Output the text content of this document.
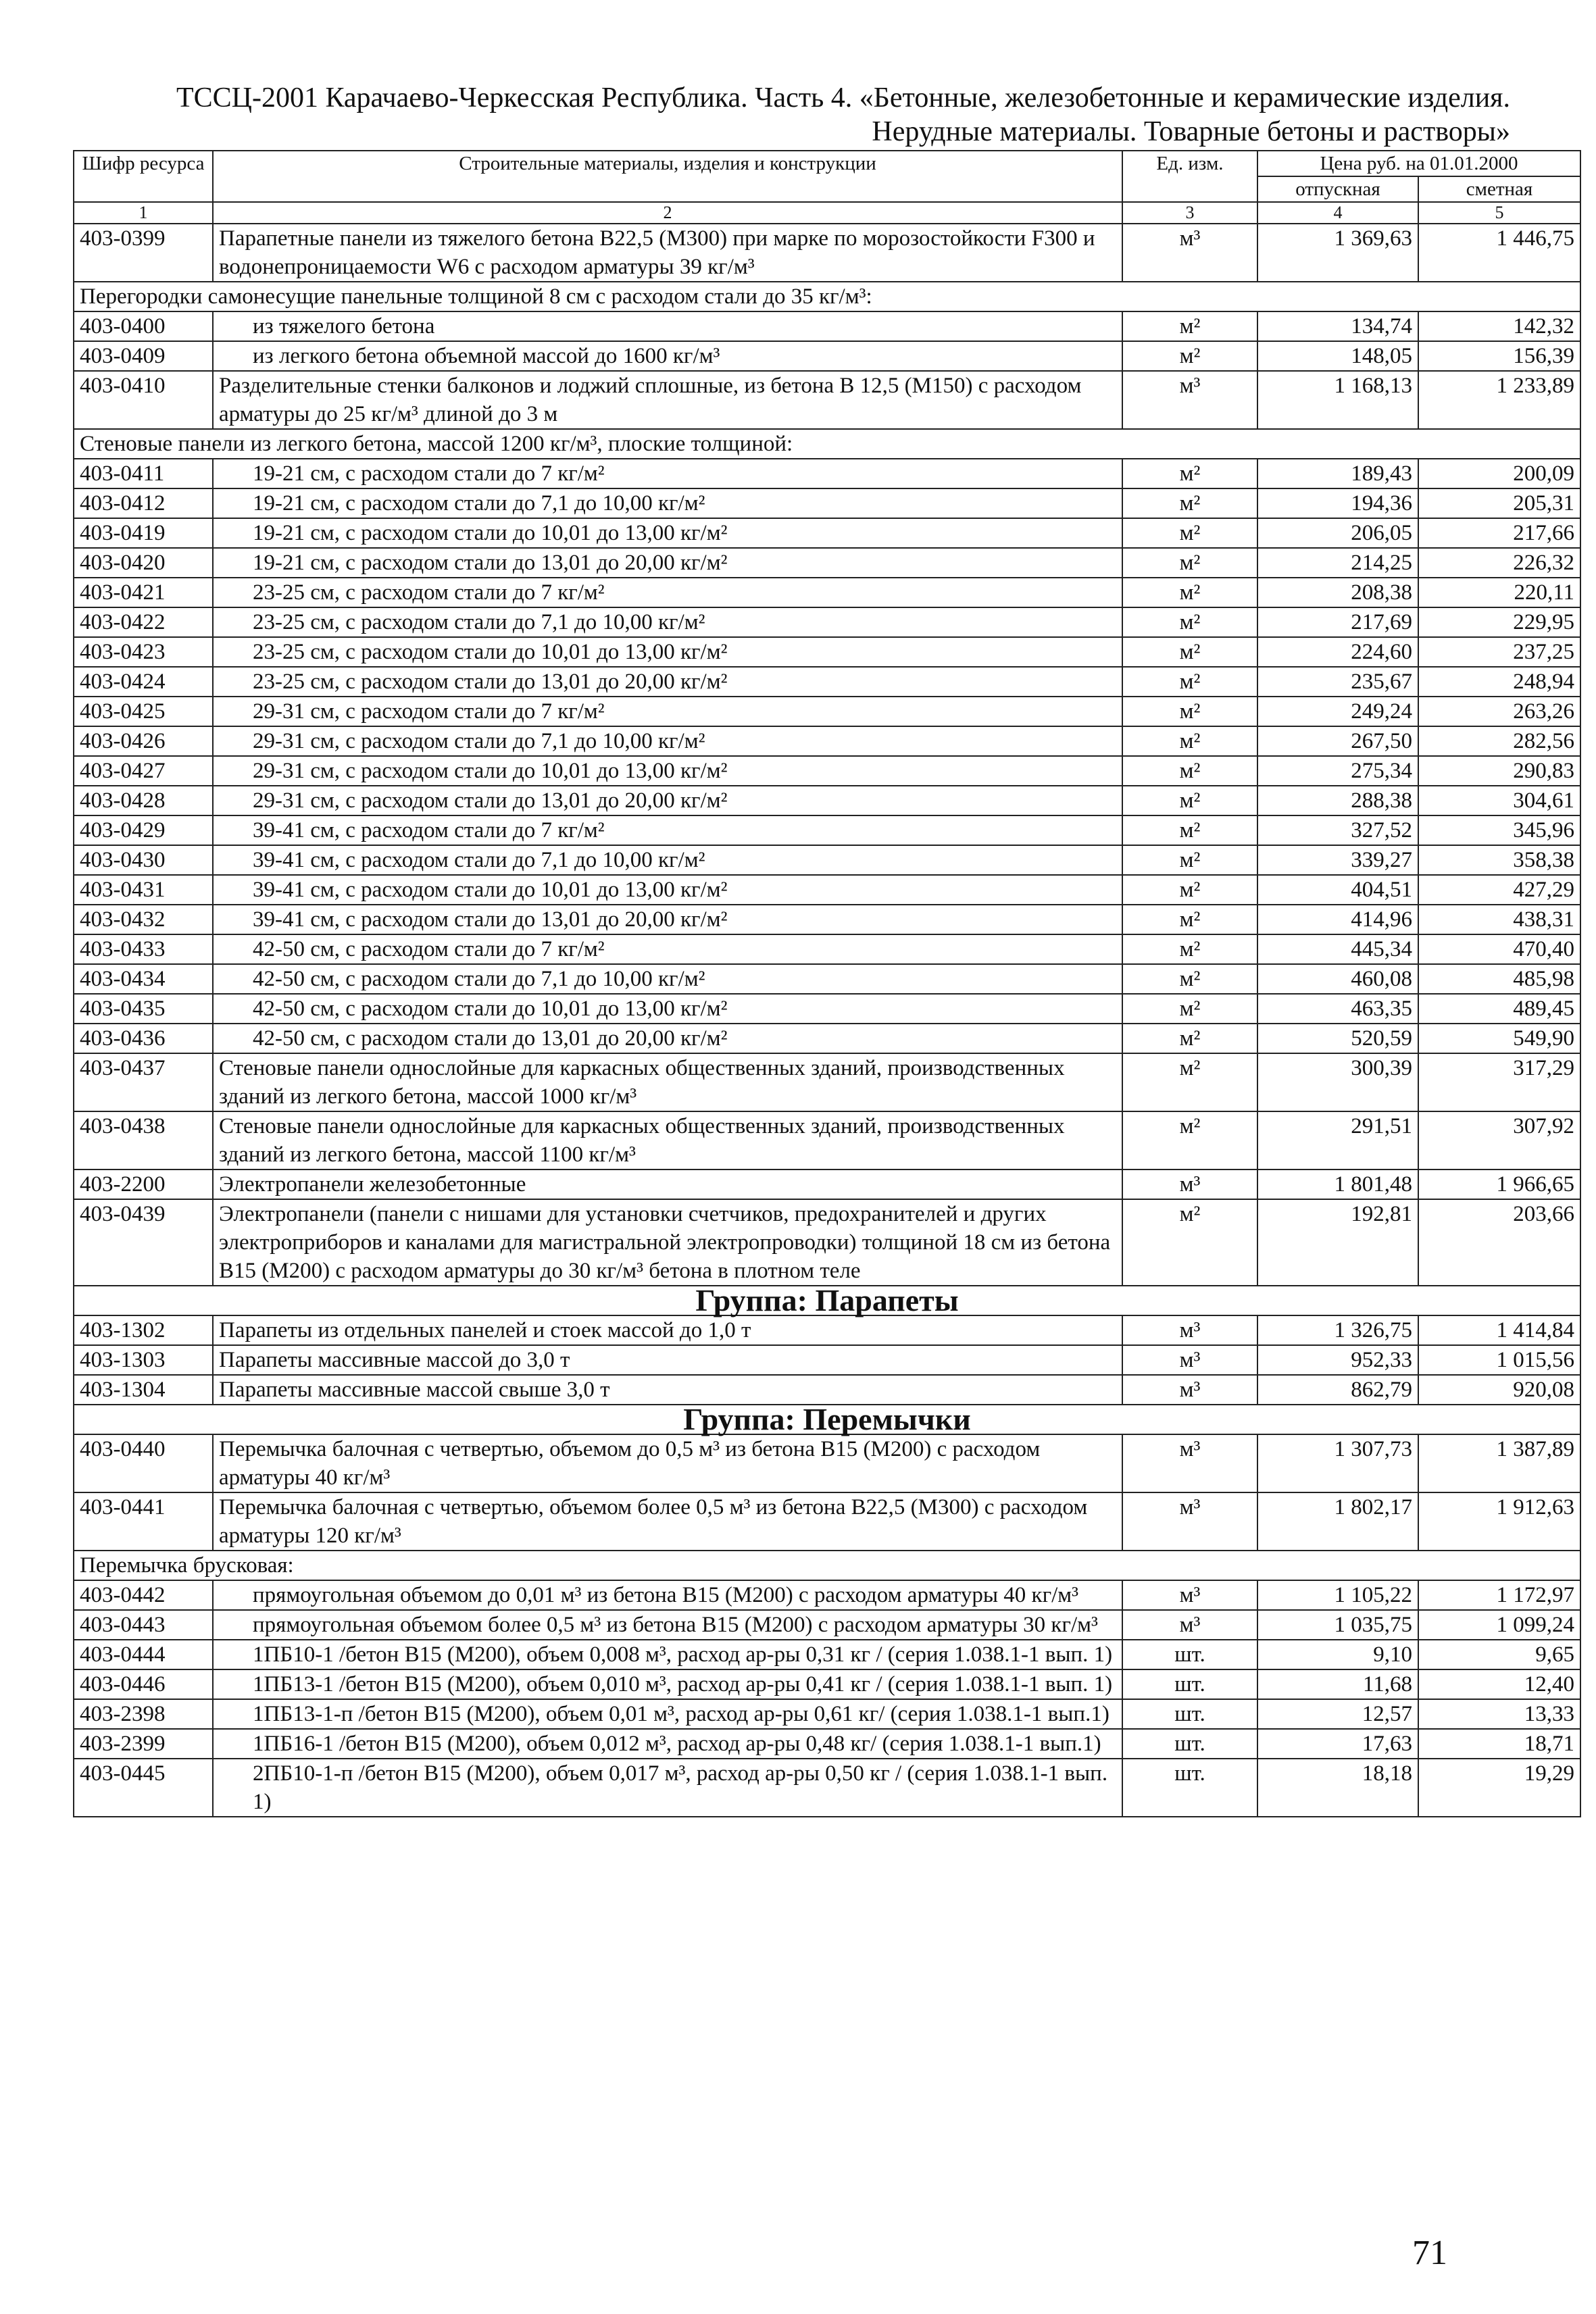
ТССЦ-2001 Карачаево-Черкесская Республика. Часть 4. «Бетонные, железобетонные и керамические изделия.
Нерудные материалы. Товарные бетоны и растворы»
Шифр ресурса	Строительные материалы, изделия и конструкции	Ед. изм.	Цена руб. на 01.01.2000	
			отпускная	сметная
1	2	3	4	5
403-0399	Парапетные панели из тяжелого бетона В22,5 (М300) при марке по морозостойкости F300 и водонепроницаемости W6 с расходом арматуры 39 кг/м³	м³	1 369,63	1 446,75
Перегородки самонесущие панельные толщиной 8 см с расходом стали до 35 кг/м³:				
403-0400	из тяжелого бетона	м²	134,74	142,32
403-0409	из легкого бетона объемной массой до 1600 кг/м³	м²	148,05	156,39
403-0410	Разделительные стенки балконов и лоджий сплошные, из бетона В 12,5 (М150) с расходом арматуры до 25 кг/м³ длиной до 3 м	м³	1 168,13	1 233,89
Стеновые панели из легкого бетона, массой 1200 кг/м³, плоские толщиной:				
403-0411	19-21 см, с расходом стали до 7 кг/м²	м²	189,43	200,09
403-0412	19-21 см, с расходом стали до 7,1 до 10,00 кг/м²	м²	194,36	205,31
403-0419	19-21 см, с расходом стали до 10,01 до 13,00 кг/м²	м²	206,05	217,66
403-0420	19-21 см, с расходом стали до 13,01 до 20,00 кг/м²	м²	214,25	226,32
403-0421	23-25 см, с расходом стали до 7 кг/м²	м²	208,38	220,11
403-0422	23-25 см, с расходом стали до 7,1 до 10,00 кг/м²	м²	217,69	229,95
403-0423	23-25 см, с расходом стали до 10,01 до 13,00 кг/м²	м²	224,60	237,25
403-0424	23-25 см, с расходом стали до 13,01 до 20,00 кг/м²	м²	235,67	248,94
403-0425	29-31 см, с расходом стали до 7 кг/м²	м²	249,24	263,26
403-0426	29-31 см, с расходом стали до 7,1 до 10,00 кг/м²	м²	267,50	282,56
403-0427	29-31 см, с расходом стали до 10,01 до 13,00 кг/м²	м²	275,34	290,83
403-0428	29-31 см, с расходом стали до 13,01 до 20,00 кг/м²	м²	288,38	304,61
403-0429	39-41 см, с расходом стали до 7 кг/м²	м²	327,52	345,96
403-0430	39-41 см, с расходом стали до 7,1 до 10,00 кг/м²	м²	339,27	358,38
403-0431	39-41 см, с расходом стали до 10,01 до 13,00 кг/м²	м²	404,51	427,29
403-0432	39-41 см, с расходом стали до 13,01 до 20,00 кг/м²	м²	414,96	438,31
403-0433	42-50 см, с расходом стали до 7 кг/м²	м²	445,34	470,40
403-0434	42-50 см, с расходом стали до 7,1 до 10,00 кг/м²	м²	460,08	485,98
403-0435	42-50 см, с расходом стали до 10,01 до 13,00 кг/м²	м²	463,35	489,45
403-0436	42-50 см, с расходом стали до 13,01 до 20,00 кг/м²	м²	520,59	549,90
403-0437	Стеновые панели однослойные для каркасных общественных зданий, производственных зданий из легкого бетона, массой 1000 кг/м³	м²	300,39	317,29
403-0438	Стеновые панели однослойные для каркасных общественных зданий, производственных зданий из легкого бетона, массой 1100 кг/м³	м²	291,51	307,92
403-2200	Электропанели железобетонные	м³	1 801,48	1 966,65
403-0439	Электропанели (панели с нишами для установки счетчиков, предохранителей и других электроприборов и каналами для магистральной электропроводки) толщиной 18 см из бетона В15 (М200) с расходом арматуры до 30 кг/м³ бетона в плотном теле	м²	192,81	203,66
Группа: Парапеты				
403-1302	Парапеты из отдельных панелей и стоек массой до 1,0 т	м³	1 326,75	1 414,84
403-1303	Парапеты массивные массой до 3,0 т	м³	952,33	1 015,56
403-1304	Парапеты массивные массой свыше 3,0 т	м³	862,79	920,08
Группа: Перемычки				
403-0440	Перемычка балочная с четвертью, объемом до 0,5 м³ из бетона В15 (М200) с расходом арматуры 40 кг/м³	м³	1 307,73	1 387,89
403-0441	Перемычка балочная с четвертью, объемом более 0,5 м³ из бетона В22,5 (М300) с расходом арматуры 120 кг/м³	м³	1 802,17	1 912,63
Перемычка брусковая:				
403-0442	прямоугольная объемом до 0,01 м³ из бетона В15 (М200) с расходом арматуры 40 кг/м³	м³	1 105,22	1 172,97
403-0443	прямоугольная объемом более 0,5 м³ из бетона В15 (М200) с расходом арматуры 30 кг/м³	м³	1 035,75	1 099,24
403-0444	1ПБ10-1 /бетон В15 (М200), объем 0,008 м³, расход ар-ры 0,31 кг / (серия 1.038.1-1 вып. 1)	шт.	9,10	9,65
403-0446	1ПБ13-1 /бетон В15 (М200), объем 0,010 м³, расход ар-ры 0,41 кг / (серия 1.038.1-1 вып. 1)	шт.	11,68	12,40
403-2398	1ПБ13-1-п /бетон В15 (М200), объем 0,01 м³, расход ар-ры 0,61 кг/ (серия 1.038.1-1 вып.1)	шт.	12,57	13,33
403-2399	1ПБ16-1 /бетон В15 (М200), объем 0,012 м³, расход ар-ры 0,48 кг/ (серия 1.038.1-1 вып.1)	шт.	17,63	18,71
403-0445	2ПБ10-1-п /бетон В15 (М200), объем 0,017 м³, расход ар-ры 0,50 кг / (серия 1.038.1-1 вып. 1)	шт.	18,18	19,29
71
